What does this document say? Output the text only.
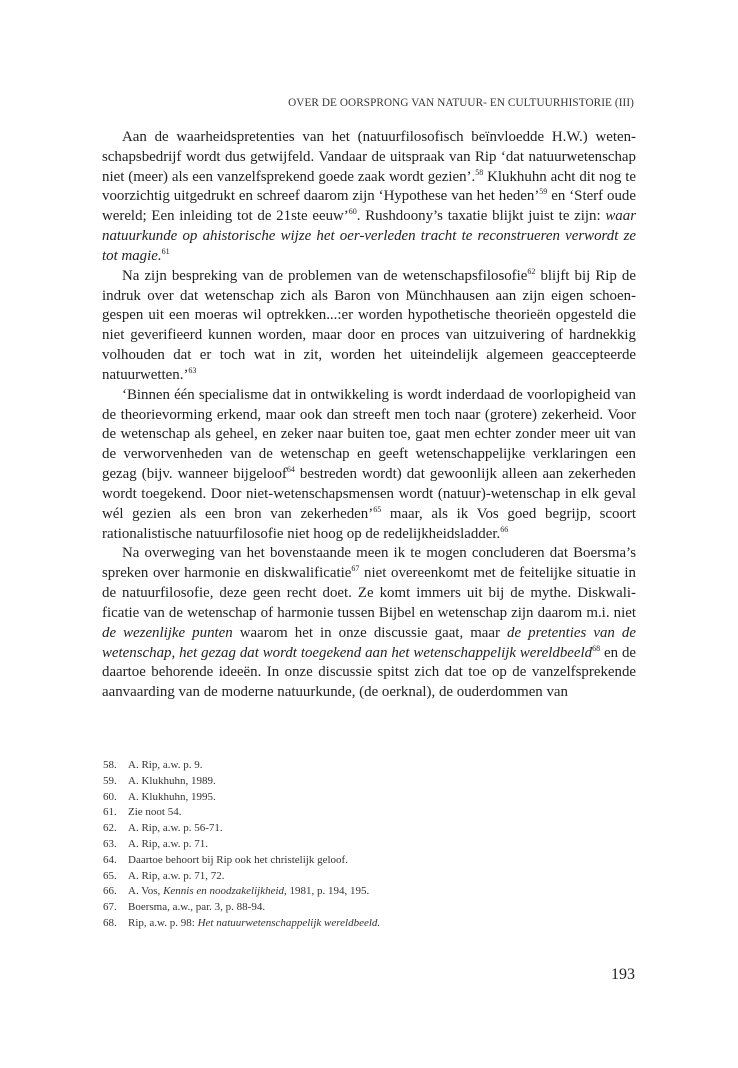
OVER DE OORSPRONG VAN NATUUR- EN CULTUURHISTORIE (III)

Aan de waarheidspretenties van het (natuurfilosofisch beïnvloedde H.W.) wetenschapsbedrijf wordt dus getwijfeld. Vandaar de uitspraak van Rip ‘dat natuurwetenschap niet (meer) als een vanzelfsprekend goede zaak wordt gezien’.$^{58}$ Klukhuhn acht dit nog te voorzichtig uitgedrukt en schreef daarom zijn ‘Hypothese van het heden’$^{59}$ en ‘Sterf oude wereld; Een inleiding tot de 21ste eeuw’$^{60}$. Rushdoony’s taxatie blijkt juist te zijn: waar natuurkunde op ahistorische wijze het oer-verleden tracht te reconstrueren verwordt ze tot magie.$^{61}$

Na zijn bespreking van de problemen van de wetenschapsfilosofie$^{62}$ blijft bij Rip de indruk over dat wetenschap zich als Baron von Münchhausen aan zijn eigen schoengespen uit een moeras wil optrekken...:er worden hypothetische theorieën opgesteld die niet geverifieerd kunnen worden, maar door en proces van uitzuivering of hardnekkig volhouden dat er toch wat in zit, worden het uiteindelijk algemeen geaccepteerde natuurwetten.’$^{63}$

‘Binnen één specialisme dat in ontwikkeling is wordt inderdaad de voorlopigheid van de theorievorming erkend, maar ook dan streeft men toch naar (grotere) zekerheid. Voor de wetenschap als geheel, en zeker naar buiten toe, gaat men echter zonder meer uit van de verworvenheden van de wetenschap en geeft wetenschappelijke verklaringen een gezag (bijv. wanneer bijgeloof$^{64}$ bestreden wordt) dat gewoonlijk alleen aan zekerheden wordt toegekend. Door niet-wetenschapsmensen wordt (natuur)-wetenschap in elk geval wél gezien als een bron van zekerheden’$^{65}$ maar, als ik Vos goed begrijp, scoort rationalistische natuurfilosofie niet hoog op de redelijkheidsladder.$^{66}$

Na overweging van het bovenstaande meen ik te mogen concluderen dat Boersma’s spreken over harmonie en diskwalificatie$^{67}$ niet overeenkomt met de feitelijke situatie in de natuurfilosofie, deze geen recht doet. Ze komt immers uit bij de mythe. Diskwalificatie van de wetenschap of harmonie tussen Bijbel en wetenschap zijn daarom m.i. niet de wezenlijke punten waarom het in onze discussie gaat, maar de pretenties van de wetenschap, het gezag dat wordt toegekend aan het wetenschappelijk wereldbeeld$^{68}$ en de daartoe behorende ideeën. In onze discussie spitst zich dat toe op de vanzelfsprekende aanvaarding van de moderne natuurkunde, (de oerknal), de ouderdommen van

58. A. Rip, a.w. p. 9.
59. A. Klukhuhn, 1989.
60. A. Klukhuhn, 1995.
61. Zie noot 54.
62. A. Rip, a.w. p. 56-71.
63. A. Rip, a.w. p. 71.
64. Daartoe behoort bij Rip ook het christelijk geloof.
65. A. Rip, a.w. p. 71, 72.
66. A. Vos, Kennis en noodzakelijkheid, 1981, p. 194, 195.
67. Boersma, a.w., par. 3, p. 88-94.
68. Rip, a.w. p. 98: Het natuurwetenschappelijk wereldbeeld.
193
